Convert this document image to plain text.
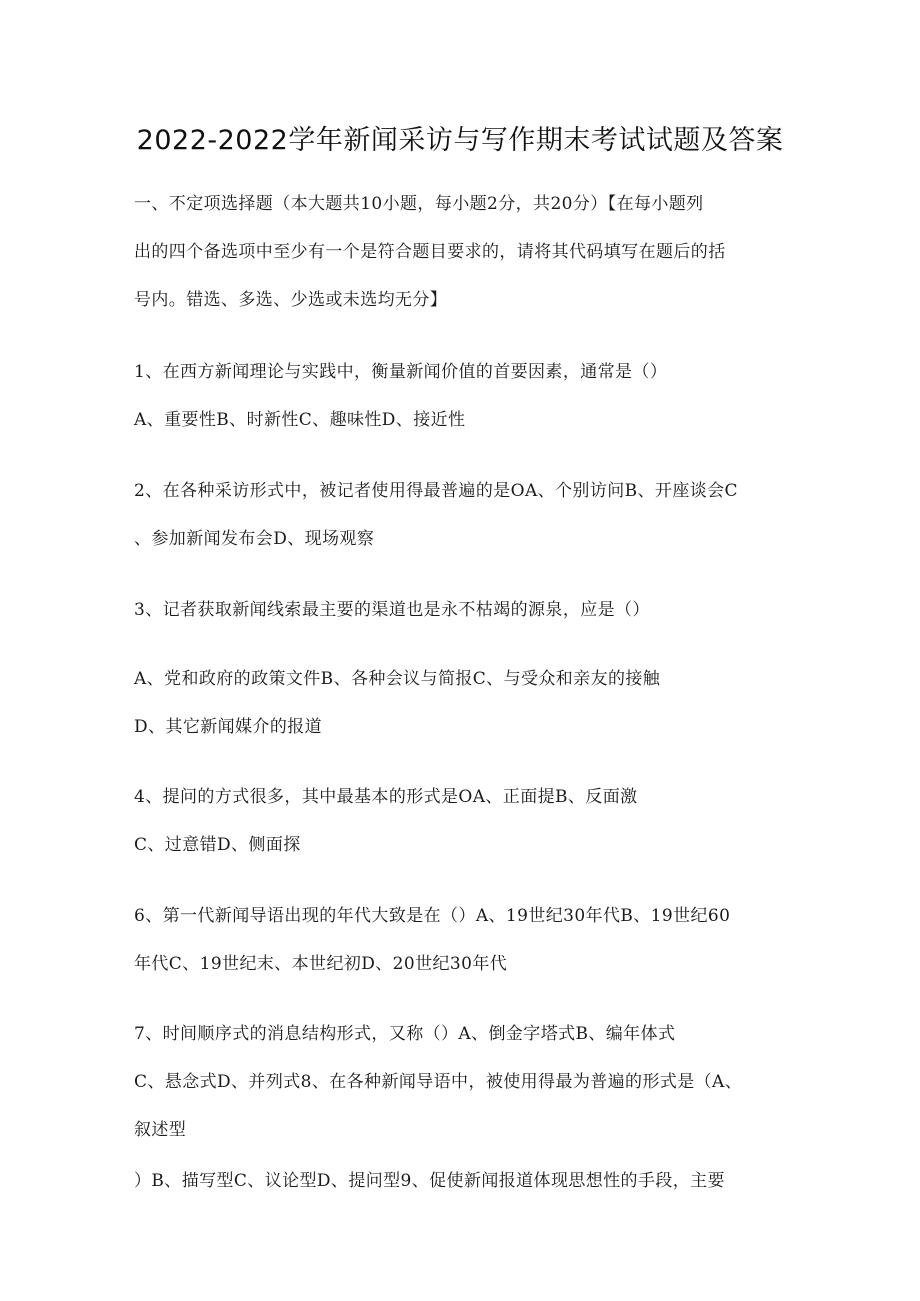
2022-2022学年新闻采访与写作期末考试试题及答案
一、不定项选择题（本大题共10小题，每小题2分，共20分）【在每小题列
出的四个备选项中至少有一个是符合题目要求的，请将其代码填写在题后的括
号内。错选、多选、少选或未选均无分】
1、在西方新闻理论与实践中，衡量新闻价值的首要因素，通常是（）
A、重要性B、时新性C、趣味性D、接近性
2、在各种采访形式中，被记者使用得最普遍的是OA、个别访问B、开座谈会C
、参加新闻发布会D、现场观察
3、记者获取新闻线索最主要的渠道也是永不枯竭的源泉，应是（）
A、党和政府的政策文件B、各种会议与简报C、与受众和亲友的接触
D、其它新闻媒介的报道
4、提问的方式很多，其中最基本的形式是OA、正面提B、反面激
C、过意错D、侧面探
6、第一代新闻导语出现的年代大致是在（）A、19世纪30年代B、19世纪60
年代C、19世纪末、本世纪初D、20世纪30年代
7、时间顺序式的消息结构形式，又称（）A、倒金字塔式B、编年体式
C、悬念式D、并列式8、在各种新闻导语中，被使用得最为普遍的形式是（A、
叙述型
）B、描写型C、议论型D、提问型9、促使新闻报道体现思想性的手段，主要
